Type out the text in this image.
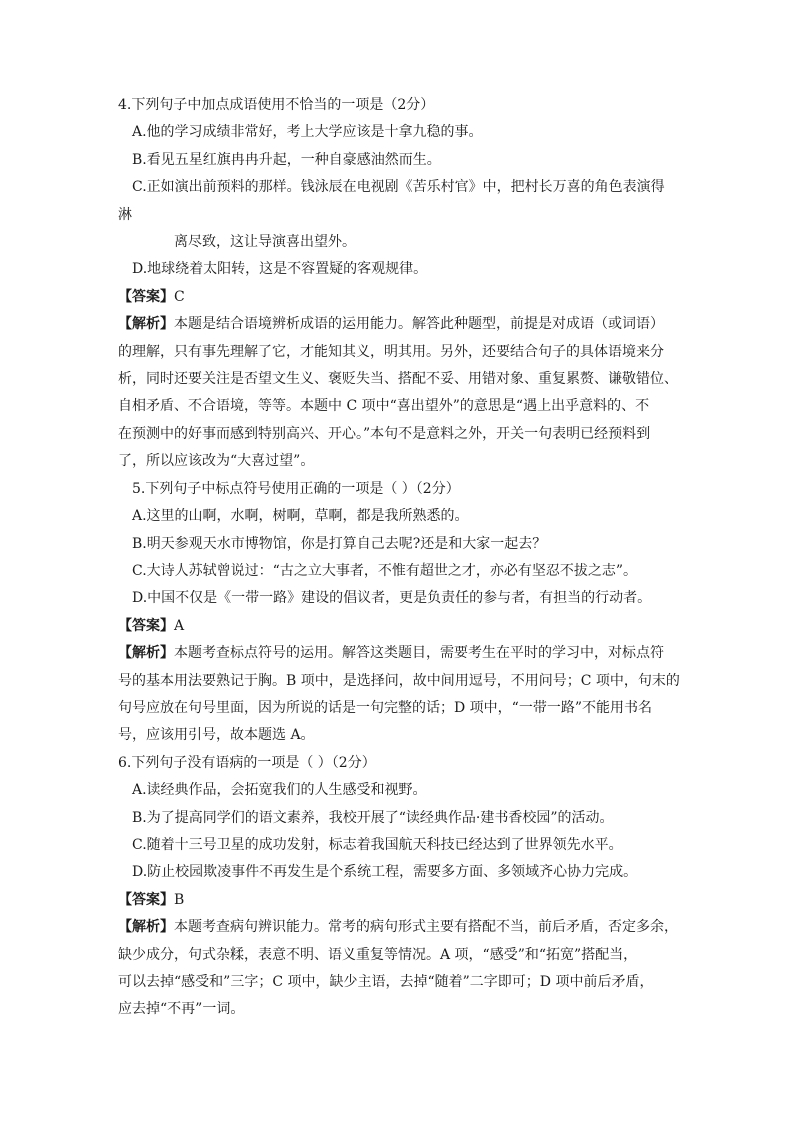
4.下列句子中加点成语使用不恰当的一项是（2分）
A.他的学习成绩非常好，考上大学应该是十拿九稳的事。
B.看见五星红旗冉冉升起，一种自豪感油然而生。
C.正如演出前预料的那样。钱泳辰在电视剧《苦乐村官》中，把村长万喜的角色表演得
淋
离尽致，这让导演喜出望外。
D.地球绕着太阳转，这是不容置疑的客观规律。
【答案】C
【解析】本题是结合语境辨析成语的运用能力。解答此种题型，前提是对成语（或词语）
的理解，只有事先理解了它，才能知其义，明其用。另外，还要结合句子的具体语境来分
析，同时还要关注是否望文生义、褒贬失当、搭配不妥、用错对象、重复累赘、谦敬错位、
自相矛盾、不合语境，等等。本题中 C 项中“喜出望外”的意思是“遇上出乎意料的、不
在预测中的好事而感到特别高兴、开心。”本句不是意料之外，开关一句表明已经预料到
了，所以应该改为“大喜过望”。
5.下列句子中标点符号使用正确的一项是（ ）（2分）
A.这里的山啊，水啊，树啊，草啊，都是我所熟悉的。
B.明天参观天水市博物馆，你是打算自己去呢?还是和大家一起去？
C.大诗人苏轼曾说过：“古之立大事者，不惟有超世之才，亦必有坚忍不拔之志”。
D.中国不仅是《一带一路》建设的倡议者，更是负责任的参与者，有担当的行动者。
【答案】A
【解析】本题考查标点符号的运用。解答这类题目，需要考生在平时的学习中，对标点符
号的基本用法要熟记于胸。B 项中，是选择问，故中间用逗号，不用问号；C 项中，句末的
句号应放在句号里面，因为所说的话是一句完整的话；D 项中，“一带一路”不能用书名
号，应该用引号，故本题选 A。
6.下列句子没有语病的一项是（ ）（2分）
A.读经典作品，会拓宽我们的人生感受和视野。
B.为了提高同学们的语文素养，我校开展了“读经典作品·建书香校园”的活动。
C.随着十三号卫星的成功发射，标志着我国航天科技已经达到了世界领先水平。
D.防止校园欺凌事件不再发生是个系统工程，需要多方面、多领域齐心协力完成。
【答案】B
【解析】本题考查病句辨识能力。常考的病句形式主要有搭配不当，前后矛盾，否定多余，
缺少成分，句式杂糅，表意不明、语义重复等情况。A 项，“感受”和“拓宽”搭配当，
可以去掉“感受和”三字；C 项中，缺少主语，去掉“随着”二字即可；D 项中前后矛盾，
应去掉“不再”一词。
